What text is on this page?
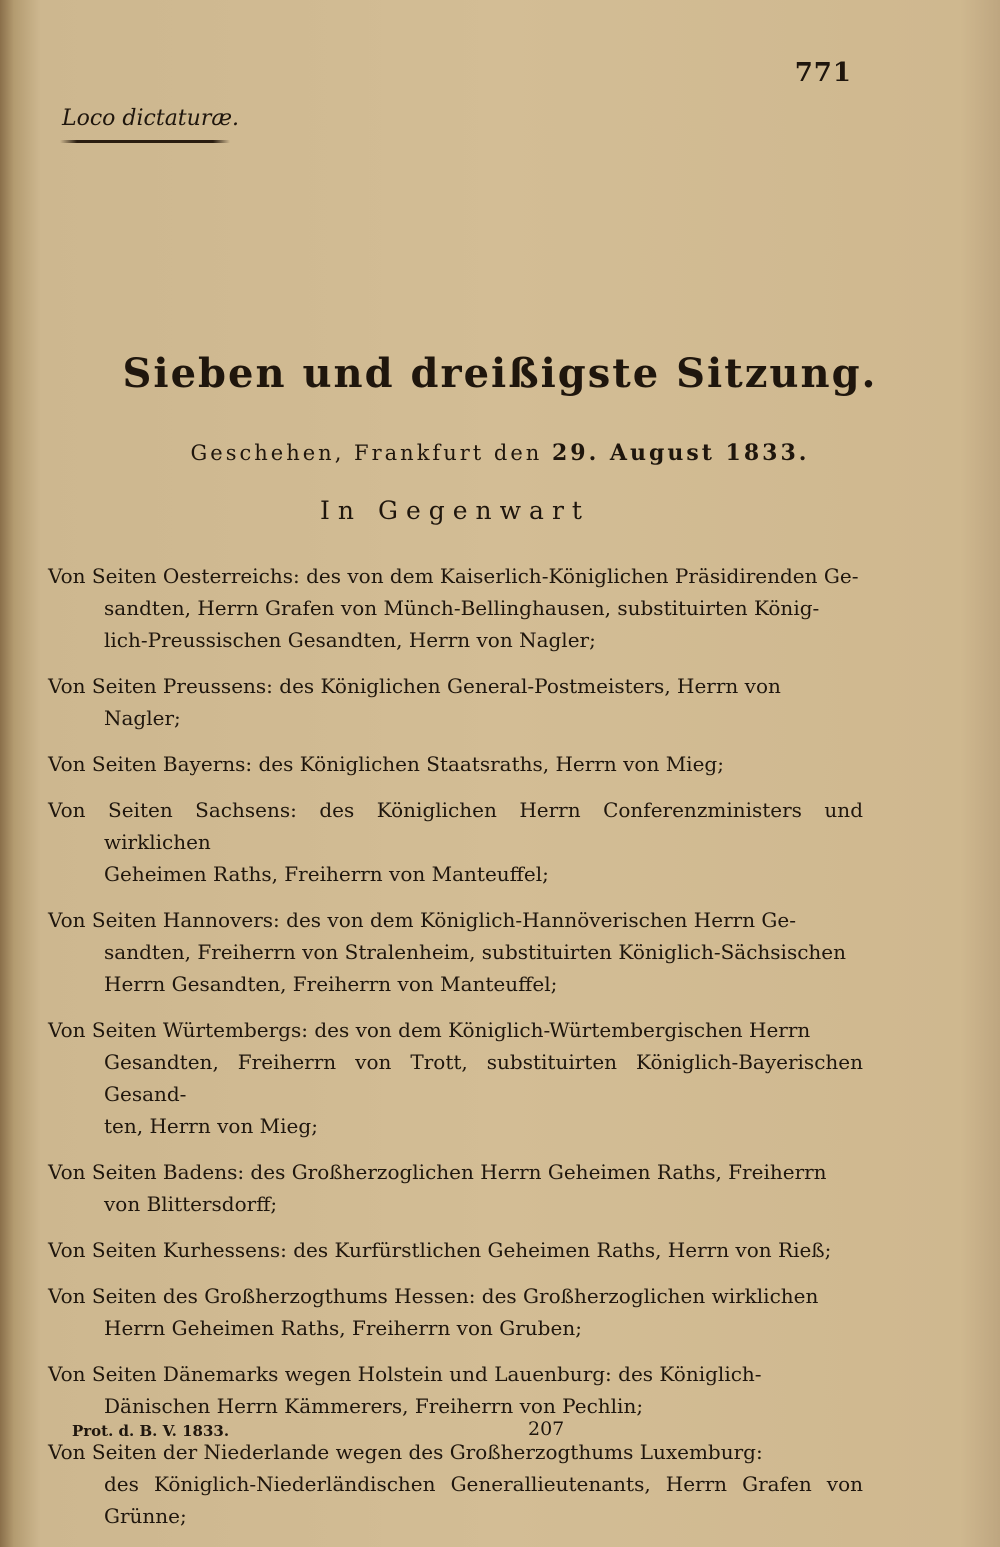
771
Loco dictaturæ.
Sieben und dreißigste Sitzung.
Geschehen, Frankfurt den 29. August 1833.
In Gegenwart
Von Seiten Oesterreichs: des von dem Kaiserlich-Königlichen Präsidirenden Ge-
sandten, Herrn Grafen von Münch-Bellinghausen, substituirten König-
lich-Preussischen Gesandten, Herrn von Nagler;
Von Seiten Preussens: des Königlichen General-Postmeisters, Herrn von
Nagler;
Von Seiten Bayerns: des Königlichen Staatsraths, Herrn von Mieg;
Von Seiten Sachsens: des Königlichen Herrn Conferenzministers und wirklichen
Geheimen Raths, Freiherrn von Manteuffel;
Von Seiten Hannovers: des von dem Königlich-Hannöverischen Herrn Ge-
sandten, Freiherrn von Stralenheim, substituirten Königlich-Sächsischen
Herrn Gesandten, Freiherrn von Manteuffel;
Von Seiten Würtembergs: des von dem Königlich-Würtembergischen Herrn
Gesandten, Freiherrn von Trott, substituirten Königlich-Bayerischen Gesand-
ten, Herrn von Mieg;
Von Seiten Badens: des Großherzoglichen Herrn Geheimen Raths, Freiherrn
von Blittersdorff;
Von Seiten Kurhessens: des Kurfürstlichen Geheimen Raths, Herrn von Rieß;
Von Seiten des Großherzogthums Hessen: des Großherzoglichen wirklichen
Herrn Geheimen Raths, Freiherrn von Gruben;
Von Seiten Dänemarks wegen Holstein und Lauenburg: des Königlich-
Dänischen Herrn Kämmerers, Freiherrn von Pechlin;
Von Seiten der Niederlande wegen des Großherzogthums Luxemburg:
des Königlich-Niederländischen Generallieutenants, Herrn Grafen von Grünne;
Prot. d. B. V. 1833.	207
